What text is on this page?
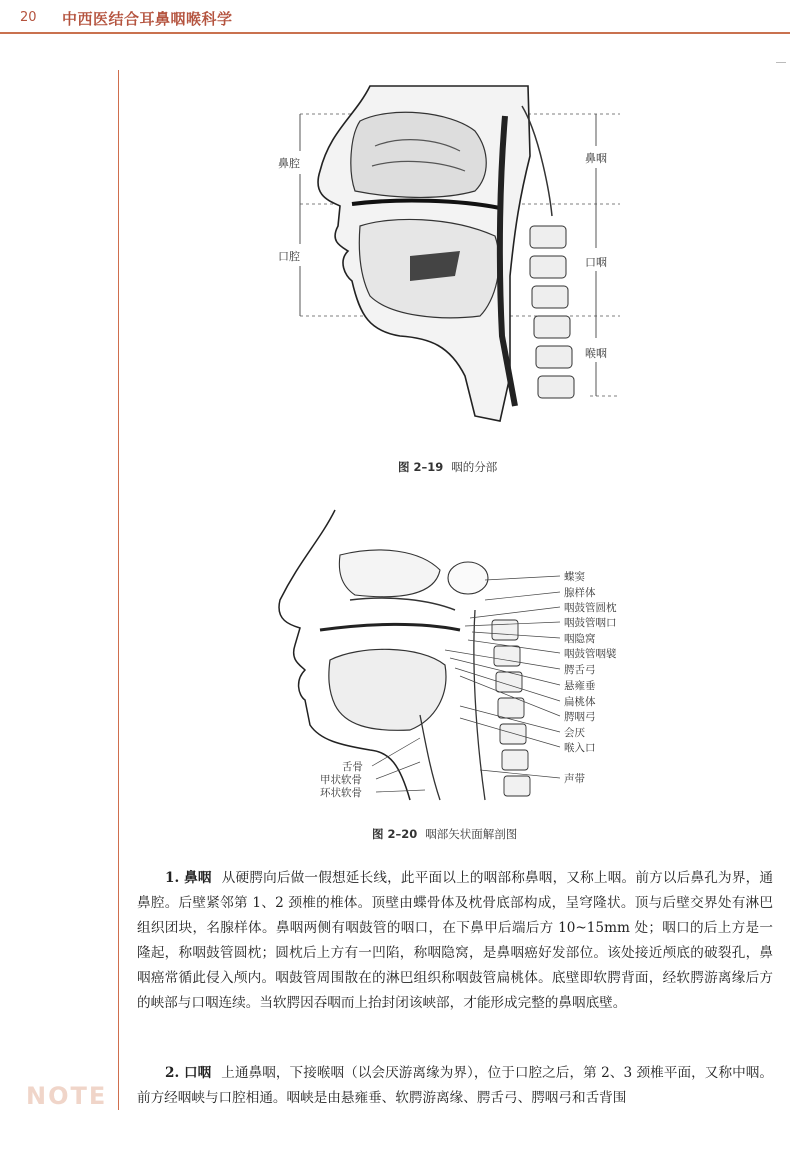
20 中西医结合耳鼻咽喉科学
鼻腔
口腔
鼻咽
口咽
喉咽
图 2–19 咽的分部
蝶窦
腺样体
咽鼓管圆枕
咽鼓管咽口
咽隐窝
咽鼓管咽襞
腭舌弓
悬雍垂
扁桃体
腭咽弓
会厌
喉入口
声带
舌骨
甲状软骨
环状软骨
图 2–20 咽部矢状面解剖图

1. 鼻咽 从硬腭向后做一假想延长线，此平面以上的咽部称鼻咽，又称上咽。前方以后鼻孔为界，通鼻腔。后壁紧邻第 1、2 颈椎的椎体。顶壁由蝶骨体及枕骨底部构成，呈穹隆状。顶与后壁交界处有淋巴组织团块，名腺样体。鼻咽两侧有咽鼓管的咽口，在下鼻甲后端后方 10~15mm 处；咽口的后上方是一隆起，称咽鼓管圆枕；圆枕后上方有一凹陷，称咽隐窝，是鼻咽癌好发部位。该处接近颅底的破裂孔，鼻咽癌常循此侵入颅内。咽鼓管周围散在的淋巴组织称咽鼓管扁桃体。底壁即软腭背面，经软腭游离缘后方的峡部与口咽连续。当软腭因吞咽而上抬封闭该峡部，才能形成完整的鼻咽底壁。

2. 口咽 上通鼻咽，下接喉咽（以会厌游离缘为界），位于口腔之后，第 2、3 颈椎平面，又称中咽。前方经咽峡与口腔相通。咽峡是由悬雍垂、软腭游离缘、腭舌弓、腭咽弓和舌背围

NOTE
